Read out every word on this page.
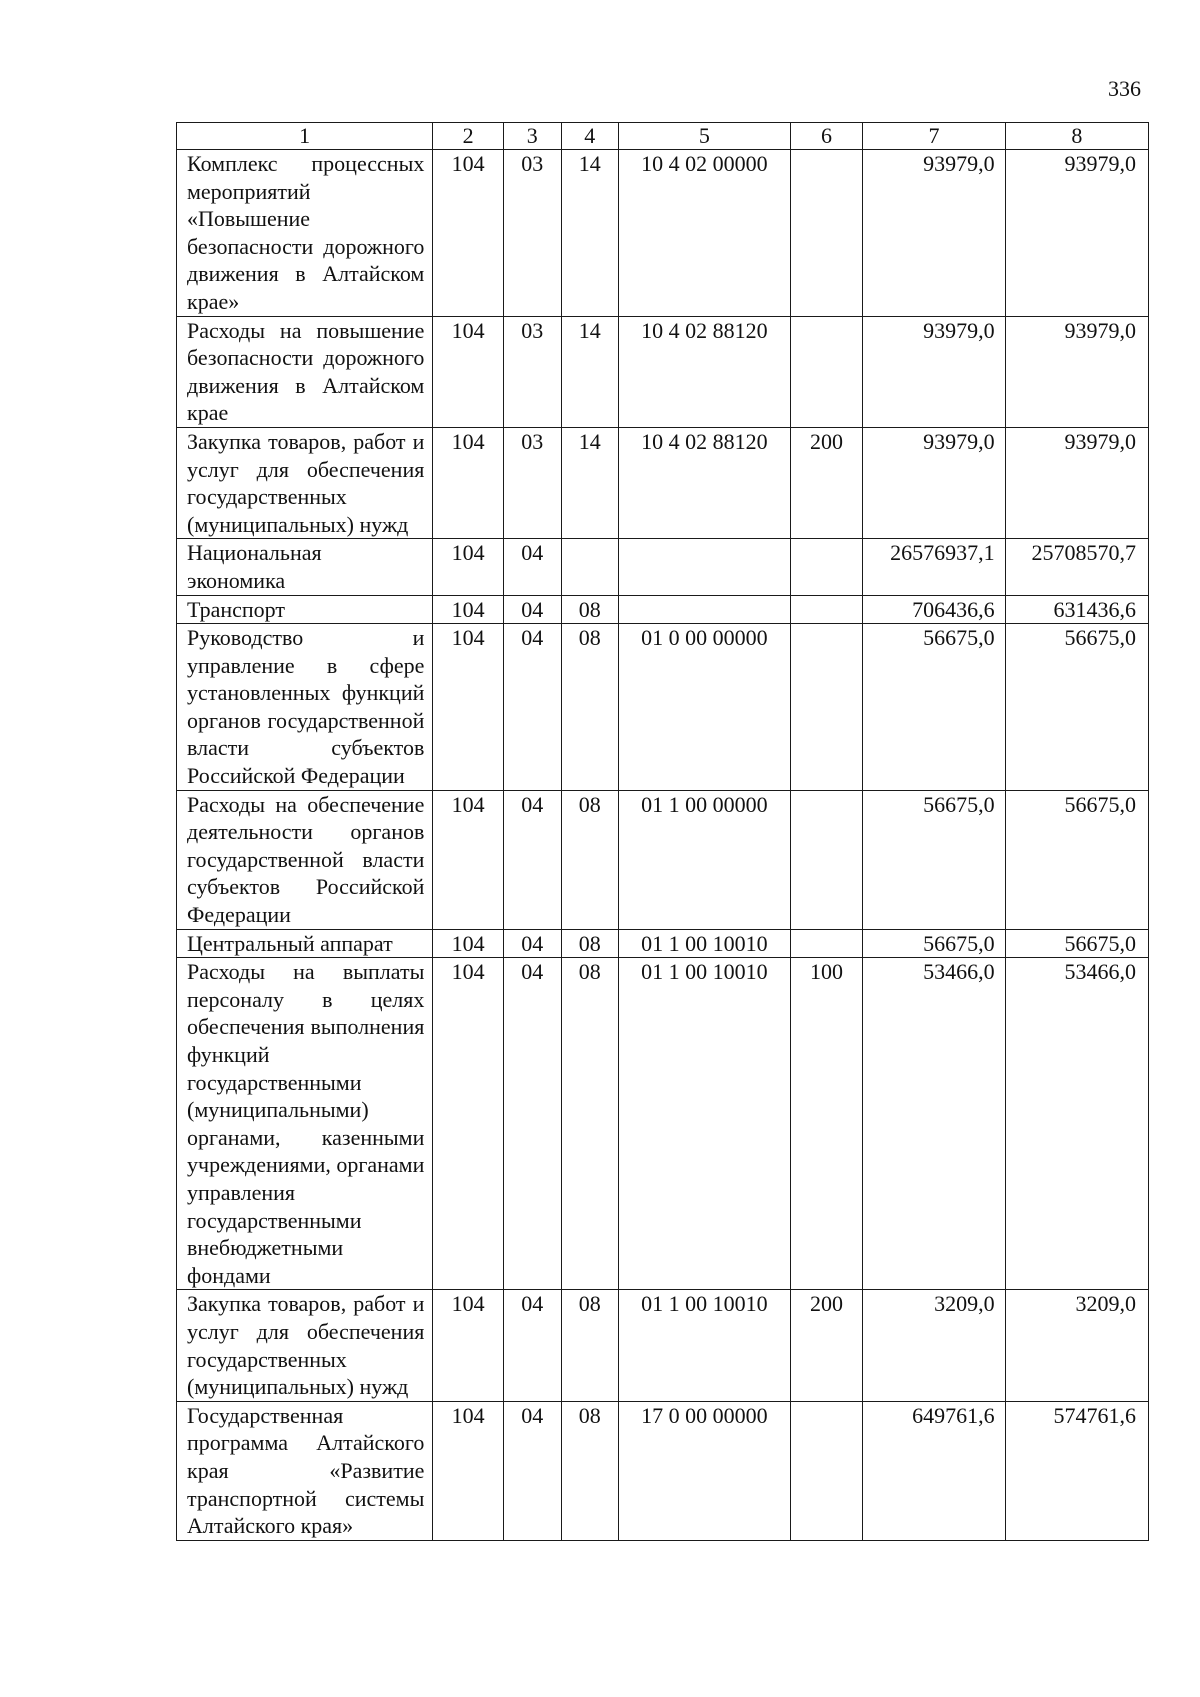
336
1	2	3	4	5	6	7	8
Комплекс процессных мероприятий «Повышение безопасности дорожного движения в Алтайском крае»	104	03	14	10 4 02 00000		93979,0	93979,0
Расходы на повышение безопасности дорожного движения в Алтайском крае	104	03	14	10 4 02 88120		93979,0	93979,0
Закупка товаров, работ и услуг для обеспечения государственных (муниципальных) нужд	104	03	14	10 4 02 88120	200	93979,0	93979,0
Национальная экономика	104	04				26576937,1	25708570,7
Транспорт	104	04	08			706436,6	631436,6
Руководство и управление в сфере установленных функций органов государственной власти субъектов Российской Федерации	104	04	08	01 0 00 00000		56675,0	56675,0
Расходы на обеспечение деятельности органов государственной власти субъектов Российской Федерации	104	04	08	01 1 00 00000		56675,0	56675,0
Центральный аппарат	104	04	08	01 1 00 10010		56675,0	56675,0
Расходы на выплаты персоналу в целях обеспечения выполнения функций государственными (муниципальными) органами, казенными учреждениями, органами управления государственными внебюджетными фондами	104	04	08	01 1 00 10010	100	53466,0	53466,0
Закупка товаров, работ и услуг для обеспечения государственных (муниципальных) нужд	104	04	08	01 1 00 10010	200	3209,0	3209,0
Государственная программа Алтайского края «Развитие транспортной системы Алтайского края»	104	04	08	17 0 00 00000		649761,6	574761,6
